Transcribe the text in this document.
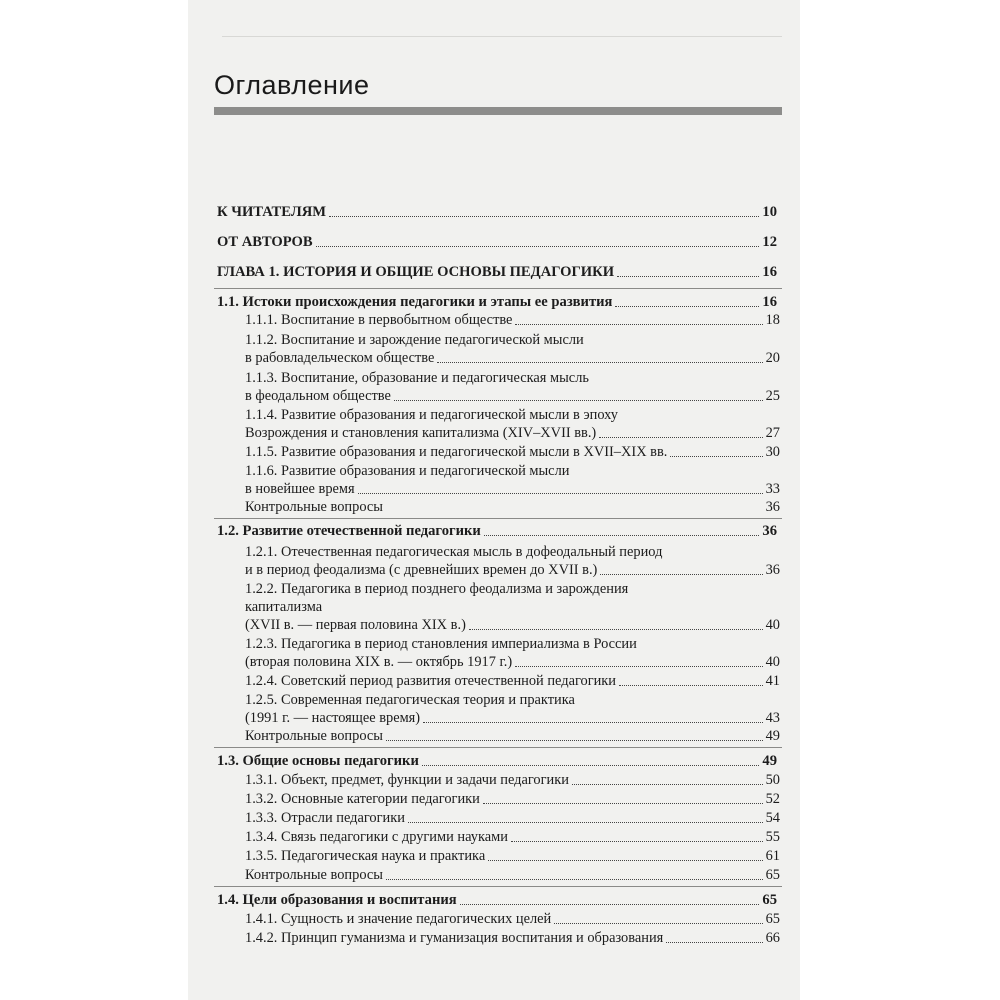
Оглавление
К ЧИТАТЕЛЯМ	10
ОТ АВТОРОВ	12
ГЛАВА 1. ИСТОРИЯ И ОБЩИЕ ОСНОВЫ ПЕДАГОГИКИ	16
1.1. Истоки происхождения педагогики и этапы ее развития	16
1.1.1. Воспитание в первобытном обществе	18
1.1.2. Воспитание и зарождение педагогической мысли
в рабовладельческом обществе	20
1.1.3. Воспитание, образование и педагогическая мысль
в феодальном обществе	25
1.1.4. Развитие образования и педагогической мысли в эпоху
Возрождения и становления капитализма (XIV–XVII вв.)	27
1.1.5. Развитие образования и педагогической мысли в XVII–XIX вв.	30
1.1.6. Развитие образования и педагогической мысли
в новейшее время	33
Контрольные вопросы	36
1.2. Развитие отечественной педагогики	36
1.2.1. Отечественная педагогическая мысль в дофеодальный период
и в период феодализма (с древнейших времен до XVII в.)	36
1.2.2. Педагогика в период позднего феодализма и зарождения
капитализма
(XVII в. — первая половина XIX в.)	40
1.2.3. Педагогика в период становления империализма в России
(вторая половина XIX в. — октябрь 1917 г.)	40
1.2.4. Советский период развития отечественной педагогики	41
1.2.5. Современная педагогическая теория и практика
(1991 г. — настоящее время)	43
Контрольные вопросы	49
1.3. Общие основы педагогики	49
1.3.1. Объект, предмет, функции и задачи педагогики	50
1.3.2. Основные категории педагогики	52
1.3.3. Отрасли педагогики	54
1.3.4. Связь педагогики с другими науками	55
1.3.5. Педагогическая наука и практика	61
Контрольные вопросы	65
1.4. Цели образования и воспитания	65
1.4.1. Сущность и значение педагогических целей	65
1.4.2. Принцип гуманизма и гуманизация воспитания и образования	66
